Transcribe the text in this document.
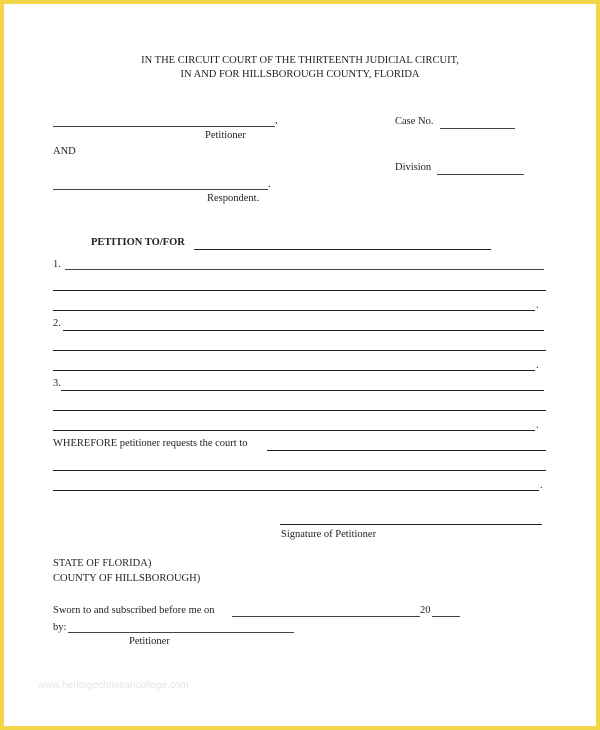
IN THE CIRCUIT COURT OF THE THIRTEENTH JUDICIAL CIRCUIT,
IN AND FOR HILLSBOROUGH COUNTY, FLORIDA
,
Petitioner
Case No.
AND
Division
.
Respondent.
PETITION TO/FOR
1.
.
2.
.
3.
.
WHEREFORE petitioner requests the court to
.
Signature of Petitioner
STATE OF FLORIDA)
COUNTY OF HILLSBOROUGH)
Sworn to and subscribed before me on	20
by:
Petitioner
www.heritagechristiancollege.com
